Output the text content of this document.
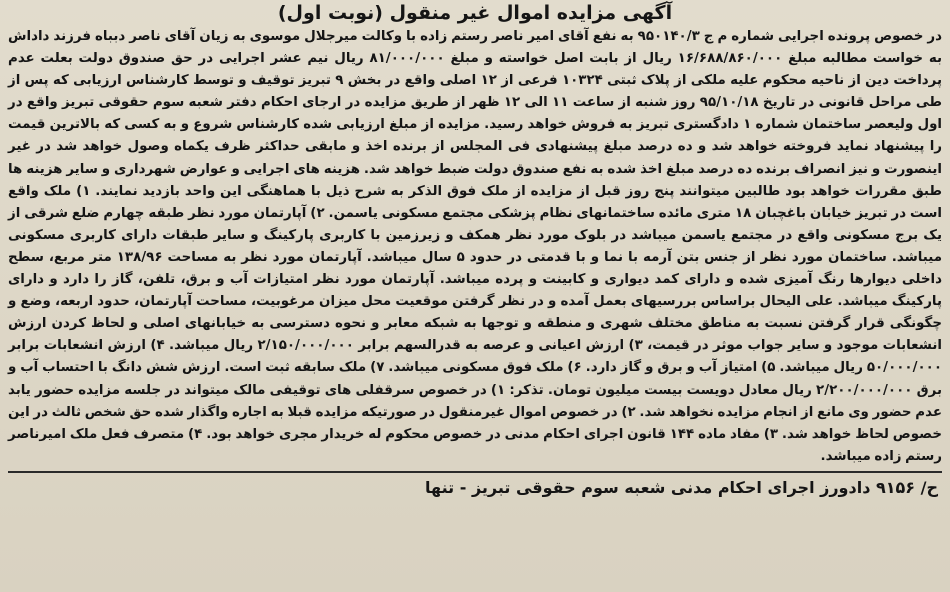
آگهی مزایده اموال غیر منقول (نوبت اول)

در خصوص پرونده اجرایی شماره م ج ۹۵۰۱۴۰/۳ به نفع آقای امیر ناصر رستم زاده با وکالت میرجلال موسوی به زیان آقای ناصر دبباه فرزند داداش به خواست مطالبه مبلغ ۱۶/۶۸۸/۸۶۰/۰۰۰ ریال از بابت اصل خواسته و مبلغ ۸۱/۰۰۰/۰۰۰ ریال نیم عشر اجرایی در حق صندوق دولت بعلت عدم پرداخت دین از ناحیه محکوم علیه ملکی از پلاک ثبتی ۱۰۳۲۴ فرعی از ۱۲ اصلی واقع در بخش ۹ تبریز توقیف و توسط کارشناس ارزیابی که پس از طی مراحل قانونی در تاریخ ۹۵/۱۰/۱۸ روز شنبه از ساعت ۱۱ الی ۱۲ ظهر از طریق مزایده در ارجای احکام دفتر شعبه سوم حقوقی تبریز واقع در اول ولیعصر ساختمان شماره ۱ دادگستری تبریز به فروش خواهد رسید. مزایده از مبلغ ارزیابی شده کارشناس شروع و به کسی که بالاترین قیمت را پیشنهاد نماید فروخته خواهد شد و ده درصد مبلغ پیشنهادی فی المجلس از برنده اخذ و مابقی حداکثر ظرف یکماه وصول خواهد شد در غیر اینصورت و نیز انصراف برنده ده درصد مبلغ اخذ شده به نفع صندوق دولت ضبط خواهد شد. هزینه های اجرایی و عوارض شهرداری و سایر هزینه ها طبق مقررات خواهد بود طالبین میتوانند پنج روز قبل از مزایده از ملک فوق الذکر به شرح ذیل با هماهنگی این واحد بازدید نمایند. ۱) ملک واقع است در تبریز خیابان باغچبان ۱۸ متری مائده ساختمانهای نظام پزشکی مجتمع مسکونی یاسمن. ۲) آپارتمان مورد نظر طبقه چهارم ضلع شرقی از یک برج مسکونی واقع در مجتمع یاسمن میباشد در بلوک مورد نظر همکف و زیرزمین با کاربری پارکینگ و سایر طبقات دارای کاربری مسکونی میباشد. ساختمان مورد نظر از جنس بتن آرمه با نما و با قدمتی در حدود ۵ سال میباشد. آپارتمان مورد نظر به مساحت ۱۳۸/۹۶ متر مربع، سطح داخلی دیوارها رنگ آمیزی شده و دارای کمد دیواری و کابینت و پرده میباشد. آپارتمان مورد نظر امتیازات آب و برق، تلفن، گاز را دارد و دارای پارکینگ میباشد. علی الیحال براساس بررسیهای بعمل آمده و در نظر گرفتن موقعیت محل میزان مرغوبیت، مساحت آپارتمان، حدود اربعه، وضع و چگونگی قرار گرفتن نسبت به مناطق مختلف شهری و منطقه و توجها به شبکه معابر و نحوه دسترسی به خیابانهای اصلی و لحاظ کردن ارزش انشعابات موجود و سایر جواب موثر در قیمت، ۳) ارزش اعیانی و عرصه به قدرالسهم برابر ۲/۱۵۰/۰۰۰/۰۰۰ ریال میباشد. ۴) ارزش انشعابات برابر ۵۰/۰۰۰/۰۰۰ ریال میباشد. ۵) امتیاز آب و برق و گاز دارد. ۶) ملک فوق مسکونی میباشد. ۷) ملک سابقه ثبت است. ارزش شش دانگ با احتساب آب و برق ۲/۲۰۰/۰۰۰/۰۰۰ ریال معادل دویست بیست میلیون تومان. تذکر: ۱) در خصوص سرقفلی های توقیفی مالک میتواند در جلسه مزایده حضور یابد عدم حضور وی مانع از انجام مزایده نخواهد شد. ۲) در خصوص اموال غیرمنقول در صورتیکه مزایده قبلا به اجاره واگذار شده حق شخص ثالث در این خصوص لحاظ خواهد شد. ۳) مفاد ماده ۱۴۴ قانون اجرای احکام مدنی در خصوص محکوم له خریدار مجری خواهد بود. ۴) متصرف فعل ملک امیرناصر رستم زاده میباشد.

ح/ ۹۱۵۶ دادورز اجرای احکام مدنی شعبه سوم حقوقی تبریز - تنها
